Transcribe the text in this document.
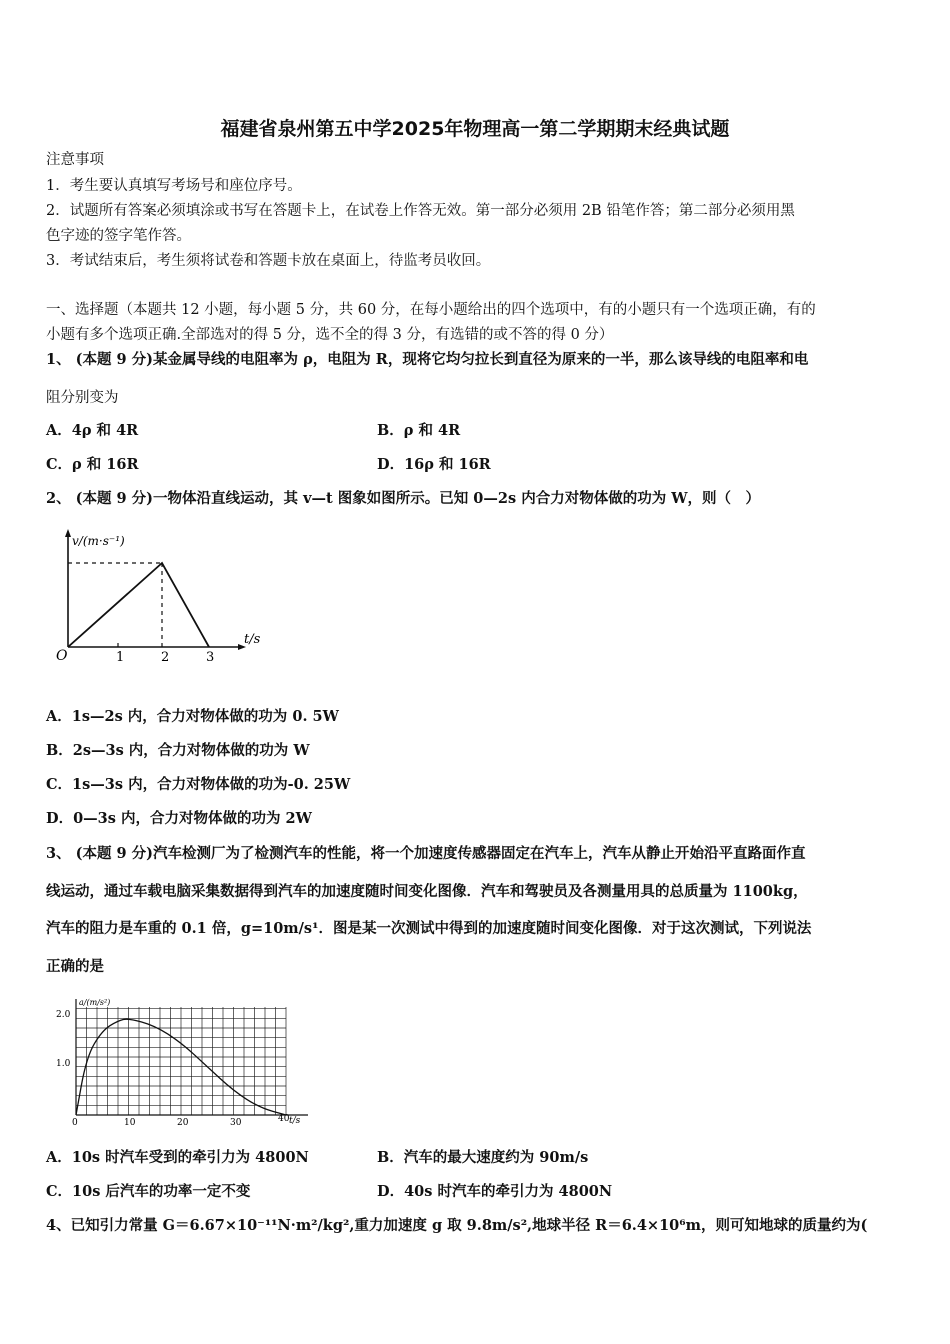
福建省泉州第五中学2025年物理高一第二学期期末经典试题
注意事项
1．考生要认真填写考场号和座位序号。
2．试题所有答案必须填涂或书写在答题卡上，在试卷上作答无效。第一部分必须用 2B 铅笔作答；第二部分必须用黑
色字迹的签字笔作答。
3．考试结束后，考生须将试卷和答题卡放在桌面上，待监考员收回。
一、选择题（本题共 12 小题，每小题 5 分，共 60 分，在每小题给出的四个选项中，有的小题只有一个选项正确，有的
小题有多个选项正确.全部选对的得 5 分，选不全的得 3 分，有选错的或不答的得 0 分）
1、 (本题 9 分)某金属导线的电阻率为 ρ，电阻为 R，现将它均匀拉长到直径为原来的一半，那么该导线的电阻率和电
阻分别变为
A．4ρ 和 4R	B．ρ 和 4R
C．ρ 和 16R	D．16ρ 和 16R
2、 (本题 9 分)一物体沿直线运动，其 v—t 图象如图所示。已知 0—2s 内合力对物体做的功为 W，则（　）
v/(m·s⁻¹)
t/s
O	1	2	3
A．1s—2s 内，合力对物体做的功为 0. 5W
B．2s—3s 内，合力对物体做的功为 W
C．1s—3s 内，合力对物体做的功为-0. 25W
D．0—3s 内，合力对物体做的功为 2W
3、 (本题 9 分)汽车检测厂为了检测汽车的性能，将一个加速度传感器固定在汽车上，汽车从静止开始沿平直路面作直
线运动，通过车载电脑采集数据得到汽车的加速度随时间变化图像．汽车和驾驶员及各测量用具的总质量为 1100kg，
汽车的阻力是车重的 0.1 倍，g=10m/s¹．图是某一次测试中得到的加速度随时间变化图像．对于这次测试，下列说法
正确的是
a/(m/s²)
t/s
2.0
1.0
0	10	20	30	40
A．10s 时汽车受到的牵引力为 4800N	B．汽车的最大速度约为 90m/s
C．10s 后汽车的功率一定不变	D．40s 时汽车的牵引力为 4800N
4、已知引力常量 G＝6.67×10⁻¹¹N·m²/kg²,重力加速度 g 取 9.8m/s²,地球半径 R＝6.4×10⁶m，则可知地球的质量约为(
